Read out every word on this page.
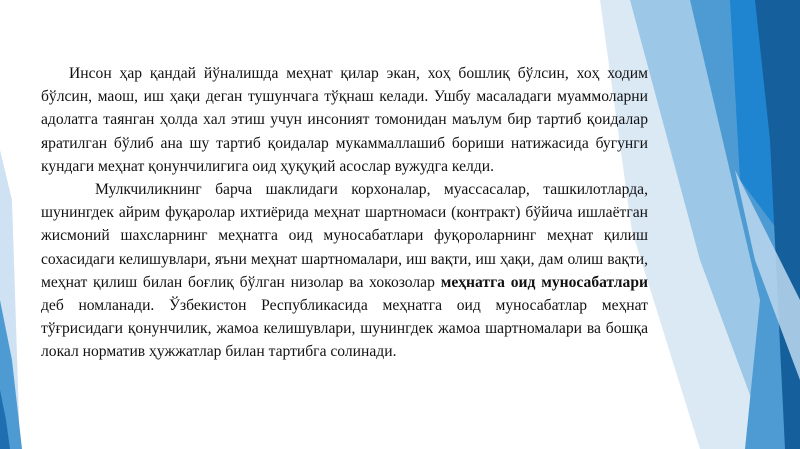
Инсон ҳар қандай йўналишда меҳнат қилар экан, хоҳ бошлиқ бўлсин, хоҳ ходим бўлсин, маош, иш ҳақи деган тушунчага тўқнаш келади. Ушбу масаладаги муаммоларни адолатга таянган ҳолда хал этиш учун инсоният томонидан маълум бир тартиб қоидалар яратилган бўлиб ана шу тартиб қоидалар мукаммаллашиб бориши натижасида бугунги кундаги меҳнат қонунчилигига оид ҳуқуқий асослар вужудга келди.

Мулкчиликнинг барча шаклидаги корхоналар, муассасалар, ташкилотларда, шунингдек айрим фуқаролар ихтиёрида меҳнат шартномаси (контракт) бўйича ишлаётган жисмоний шахсларнинг меҳнатга оид муносабатлари фуқороларнинг меҳнат қилиш сохасидаги келишувлари, яъни меҳнат шартномалари, иш вақти, иш ҳақи, дам олиш вақти, меҳнат қилиш билан боғлиқ бўлган низолар ва хокозолар меҳнатга оид муносабатлари деб номланади. Ўзбекистон Республикасида меҳнатга оид муносабатлар меҳнат тўғрисидаги қонунчилик, жамоа келишувлари, шунингдек жамоа шартномалари ва бошқа локал норматив ҳужжатлар билан тартибга солинади.
